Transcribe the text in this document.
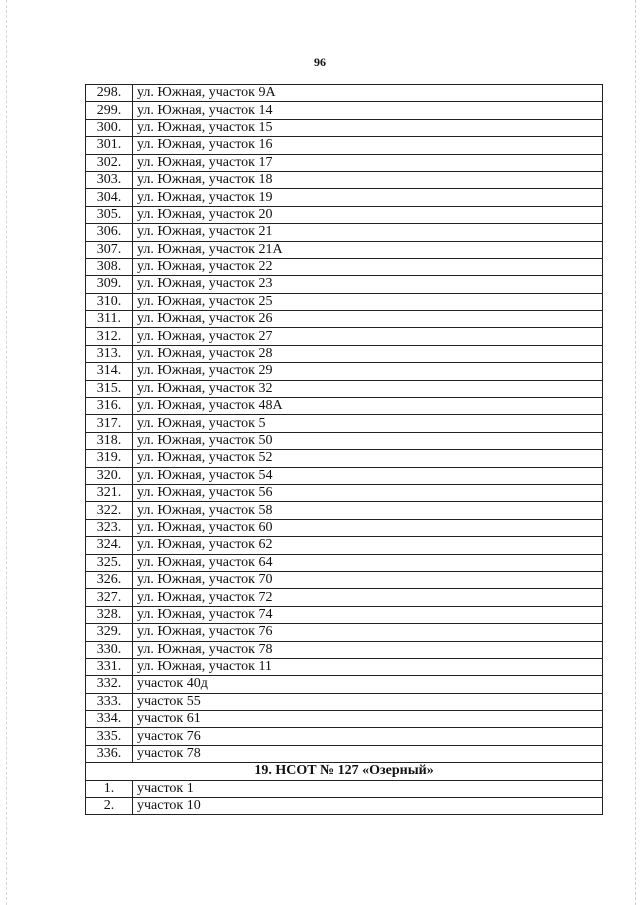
96
298.	ул. Южная, участок 9А
299.	ул. Южная, участок 14
300.	ул. Южная, участок 15
301.	ул. Южная, участок 16
302.	ул. Южная, участок 17
303.	ул. Южная, участок 18
304.	ул. Южная, участок 19
305.	ул. Южная, участок 20
306.	ул. Южная, участок 21
307.	ул. Южная, участок 21А
308.	ул. Южная, участок 22
309.	ул. Южная, участок 23
310.	ул. Южная, участок 25
311.	ул. Южная, участок 26
312.	ул. Южная, участок 27
313.	ул. Южная, участок 28
314.	ул. Южная, участок 29
315.	ул. Южная, участок 32
316.	ул. Южная, участок 48А
317.	ул. Южная, участок 5
318.	ул. Южная, участок 50
319.	ул. Южная, участок 52
320.	ул. Южная, участок 54
321.	ул. Южная, участок 56
322.	ул. Южная, участок 58
323.	ул. Южная, участок 60
324.	ул. Южная, участок 62
325.	ул. Южная, участок 64
326.	ул. Южная, участок 70
327.	ул. Южная, участок 72
328.	ул. Южная, участок 74
329.	ул. Южная, участок 76
330.	ул. Южная, участок 78
331.	ул. Южная, участок 11
332.	участок 40д
333.	участок 55
334.	участок 61
335.	участок 76
336.	участок 78
19. НСОТ № 127 «Озерный»	
1.	участок 1
2.	участок 10
